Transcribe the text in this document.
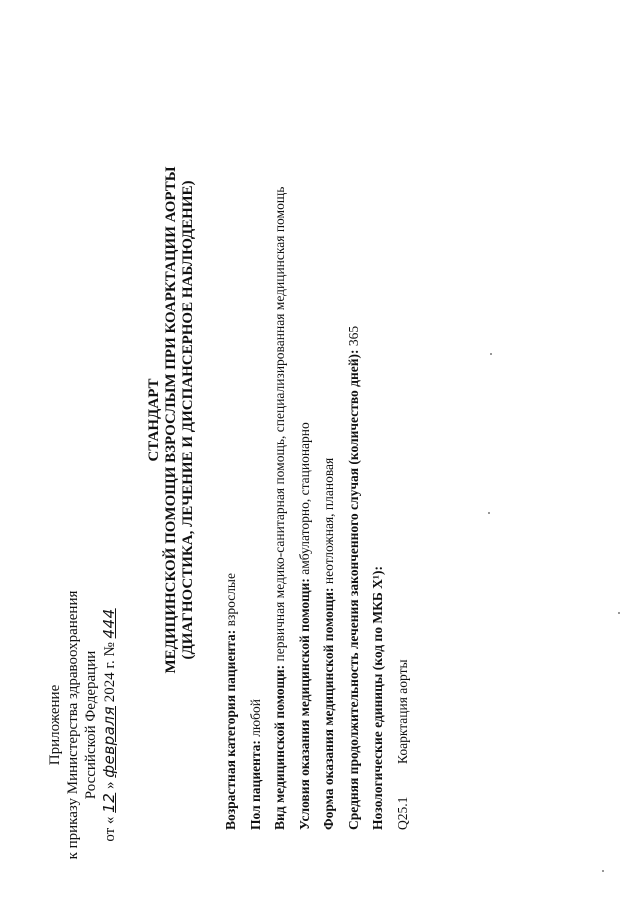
Приложение к приказу Министерства здравоохранения Российской Федерации
от « 12 » февраля 2024 г. № 444
СТАНДАРТ МЕДИЦИНСКОЙ ПОМОЩИ ВЗРОСЛЫМ ПРИ КОАРКТАЦИИ АОРТЫ (ДИАГНОСТИКА, ЛЕЧЕНИЕ И ДИСПАНСЕРНОЕ НАБЛЮДЕНИЕ)

Возрастная категория пациента: взрослые

Пол пациента: любой Вид медицинской помощи: первичная медико-санитарная помощь, специализированная медицинская помощь

Условия оказания медицинской помощи: амбулаторно, стационарно

Форма оказания медицинской помощи: неотложная, плановая Средняя продолжительность лечения законченного случая (количество дней): 365

Нозологические единицы (код по МКБ X¹): Q25.1
Коарктация аорты
